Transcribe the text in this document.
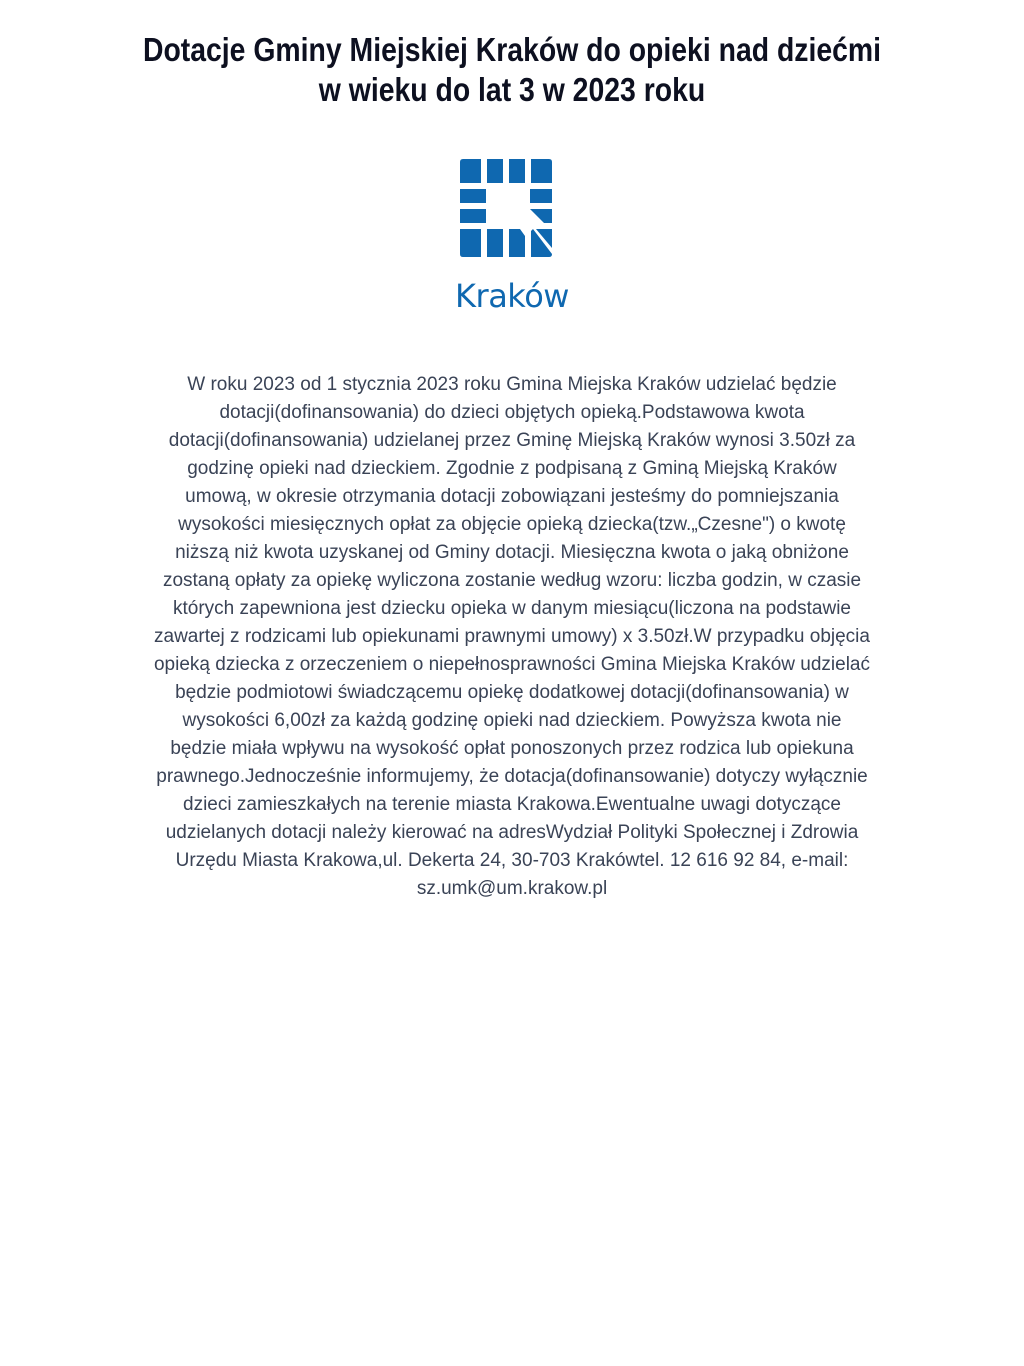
Dotacje Gminy Miejskiej Kraków do opieki nad dziećmi w wieku do lat 3 w 2023 roku
Kraków

W roku 2023 od 1 stycznia 2023 roku Gmina Miejska Kraków udzielać będzie dotacji(dofinansowania) do dzieci objętych opieką.Podstawowa kwota dotacji(dofinansowania) udzielanej przez Gminę Miejską Kraków wynosi 3.50zł za godzinę opieki nad dzieckiem. Zgodnie z podpisaną z Gminą Miejską Kraków umową, w okresie otrzymania dotacji zobowiązani jesteśmy do pomniejszania wysokości miesięcznych opłat za objęcie opieką dziecka(tzw.„Czesne") o kwotę niższą niż kwota uzyskanej od Gminy dotacji. Miesięczna kwota o jaką obniżone zostaną opłaty za opiekę wyliczona zostanie według wzoru: liczba godzin, w czasie których zapewniona jest dziecku opieka w danym miesiącu(liczona na podstawie zawartej z rodzicami lub opiekunami prawnymi umowy) x 3.50zł.W przypadku objęcia opieką dziecka z orzeczeniem o niepełnosprawności Gmina Miejska Kraków udzielać będzie podmiotowi świadczącemu opiekę dodatkowej dotacji(dofinansowania) w wysokości 6,00zł za każdą godzinę opieki nad dzieckiem. Powyższa kwota nie będzie miała wpływu na wysokość opłat ponoszonych przez rodzica lub opiekuna prawnego.Jednocześnie informujemy, że dotacja(dofinansowanie) dotyczy wyłącznie dzieci zamieszkałych na terenie miasta Krakowa.Ewentualne uwagi dotyczące udzielanych dotacji należy kierować na adresWydział Polityki Społecznej i Zdrowia Urzędu Miasta Krakowa,ul. Dekerta 24, 30-703 Krakówtel. 12 616 92 84, e-mail: sz.umk@um.krakow.pl
